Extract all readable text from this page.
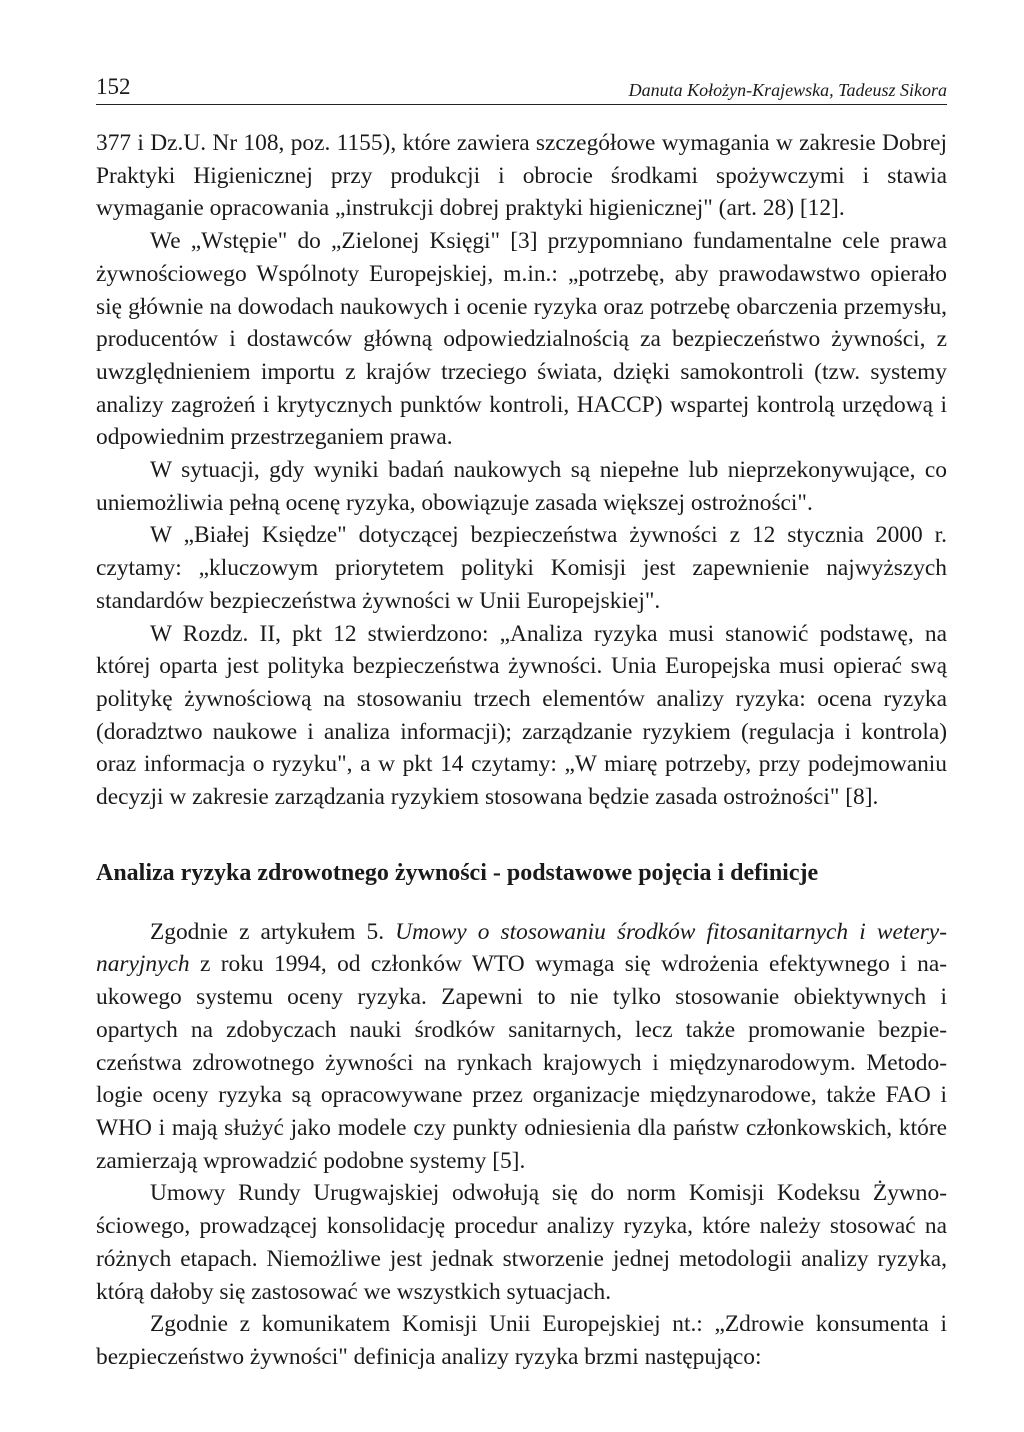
152	Danuta Kołożyn-Krajewska, Tadeusz Sikora

377 i Dz.U. Nr 108, poz. 1155), które zawiera szczegółowe wymagania w zakresie Dobrej Praktyki Higienicznej przy produkcji i obrocie środkami spożywczymi i stawia wymaganie opracowania „instrukcji dobrej praktyki higienicznej" (art. 28) [12].

We „Wstępie" do „Zielonej Księgi" [3] przypomniano fundamentalne cele prawa żywnościowego Wspólnoty Europejskiej, m.in.: „potrzebę, aby prawodawstwo opierało się głównie na dowodach naukowych i ocenie ryzyka oraz potrzebę obarczenia przemysłu, producentów i dostawców główną odpowiedzialnością za bezpieczeństwo żywności, z uwzględnieniem importu z krajów trzeciego świata, dzięki samokontroli (tzw. systemy analizy zagrożeń i krytycznych punktów kontroli, HACCP) wspartej kontrolą urzędową i odpowiednim przestrzeganiem prawa.

W sytuacji, gdy wyniki badań naukowych są niepełne lub nieprzekonywujące, co uniemożliwia pełną ocenę ryzyka, obowiązuje zasada większej ostrożności".

W „Białej Księdze" dotyczącej bezpieczeństwa żywności z 12 stycznia 2000 r. czytamy: „kluczowym priorytetem polityki Komisji jest zapewnienie najwyższych standardów bezpieczeństwa żywności w Unii Europejskiej".

W Rozdz. II, pkt 12 stwierdzono: „Analiza ryzyka musi stanowić podstawę, na której oparta jest polityka bezpieczeństwa żywności. Unia Europejska musi opierać swą politykę żywnościową na stosowaniu trzech elementów analizy ryzyka: ocena ryzyka (doradztwo naukowe i analiza informacji); zarządzanie ryzykiem (regulacja i kontrola) oraz informacja o ryzyku", a w pkt 14 czytamy: „W miarę potrzeby, przy podejmowaniu decyzji w zakresie zarządzania ryzykiem stosowana będzie zasada ostrożności" [8].

Analiza ryzyka zdrowotnego żywności - podstawowe pojęcia i definicje

Zgodnie z artykułem 5. Umowy o stosowaniu środków fitosanitarnych i weterynaryjnych z roku 1994, od członków WTO wymaga się wdrożenia efektywnego i naukowego systemu oceny ryzyka. Zapewni to nie tylko stosowanie obiektywnych i opartych na zdobyczach nauki środków sanitarnych, lecz także promowanie bezpieczeństwa zdrowotnego żywności na rynkach krajowych i międzynarodowym. Metodologie oceny ryzyka są opracowywane przez organizacje międzynarodowe, także FAO i WHO i mają służyć jako modele czy punkty odniesienia dla państw członkowskich, które zamierzają wprowadzić podobne systemy [5].

Umowy Rundy Urugwajskiej odwołują się do norm Komisji Kodeksu Żywnościowego, prowadzącej konsolidację procedur analizy ryzyka, które należy stosować na różnych etapach. Niemożliwe jest jednak stworzenie jednej metodologii analizy ryzyka, którą dałoby się zastosować we wszystkich sytuacjach.

Zgodnie z komunikatem Komisji Unii Europejskiej nt.: „Zdrowie konsumenta i bezpieczeństwo żywności" definicja analizy ryzyka brzmi następująco:
